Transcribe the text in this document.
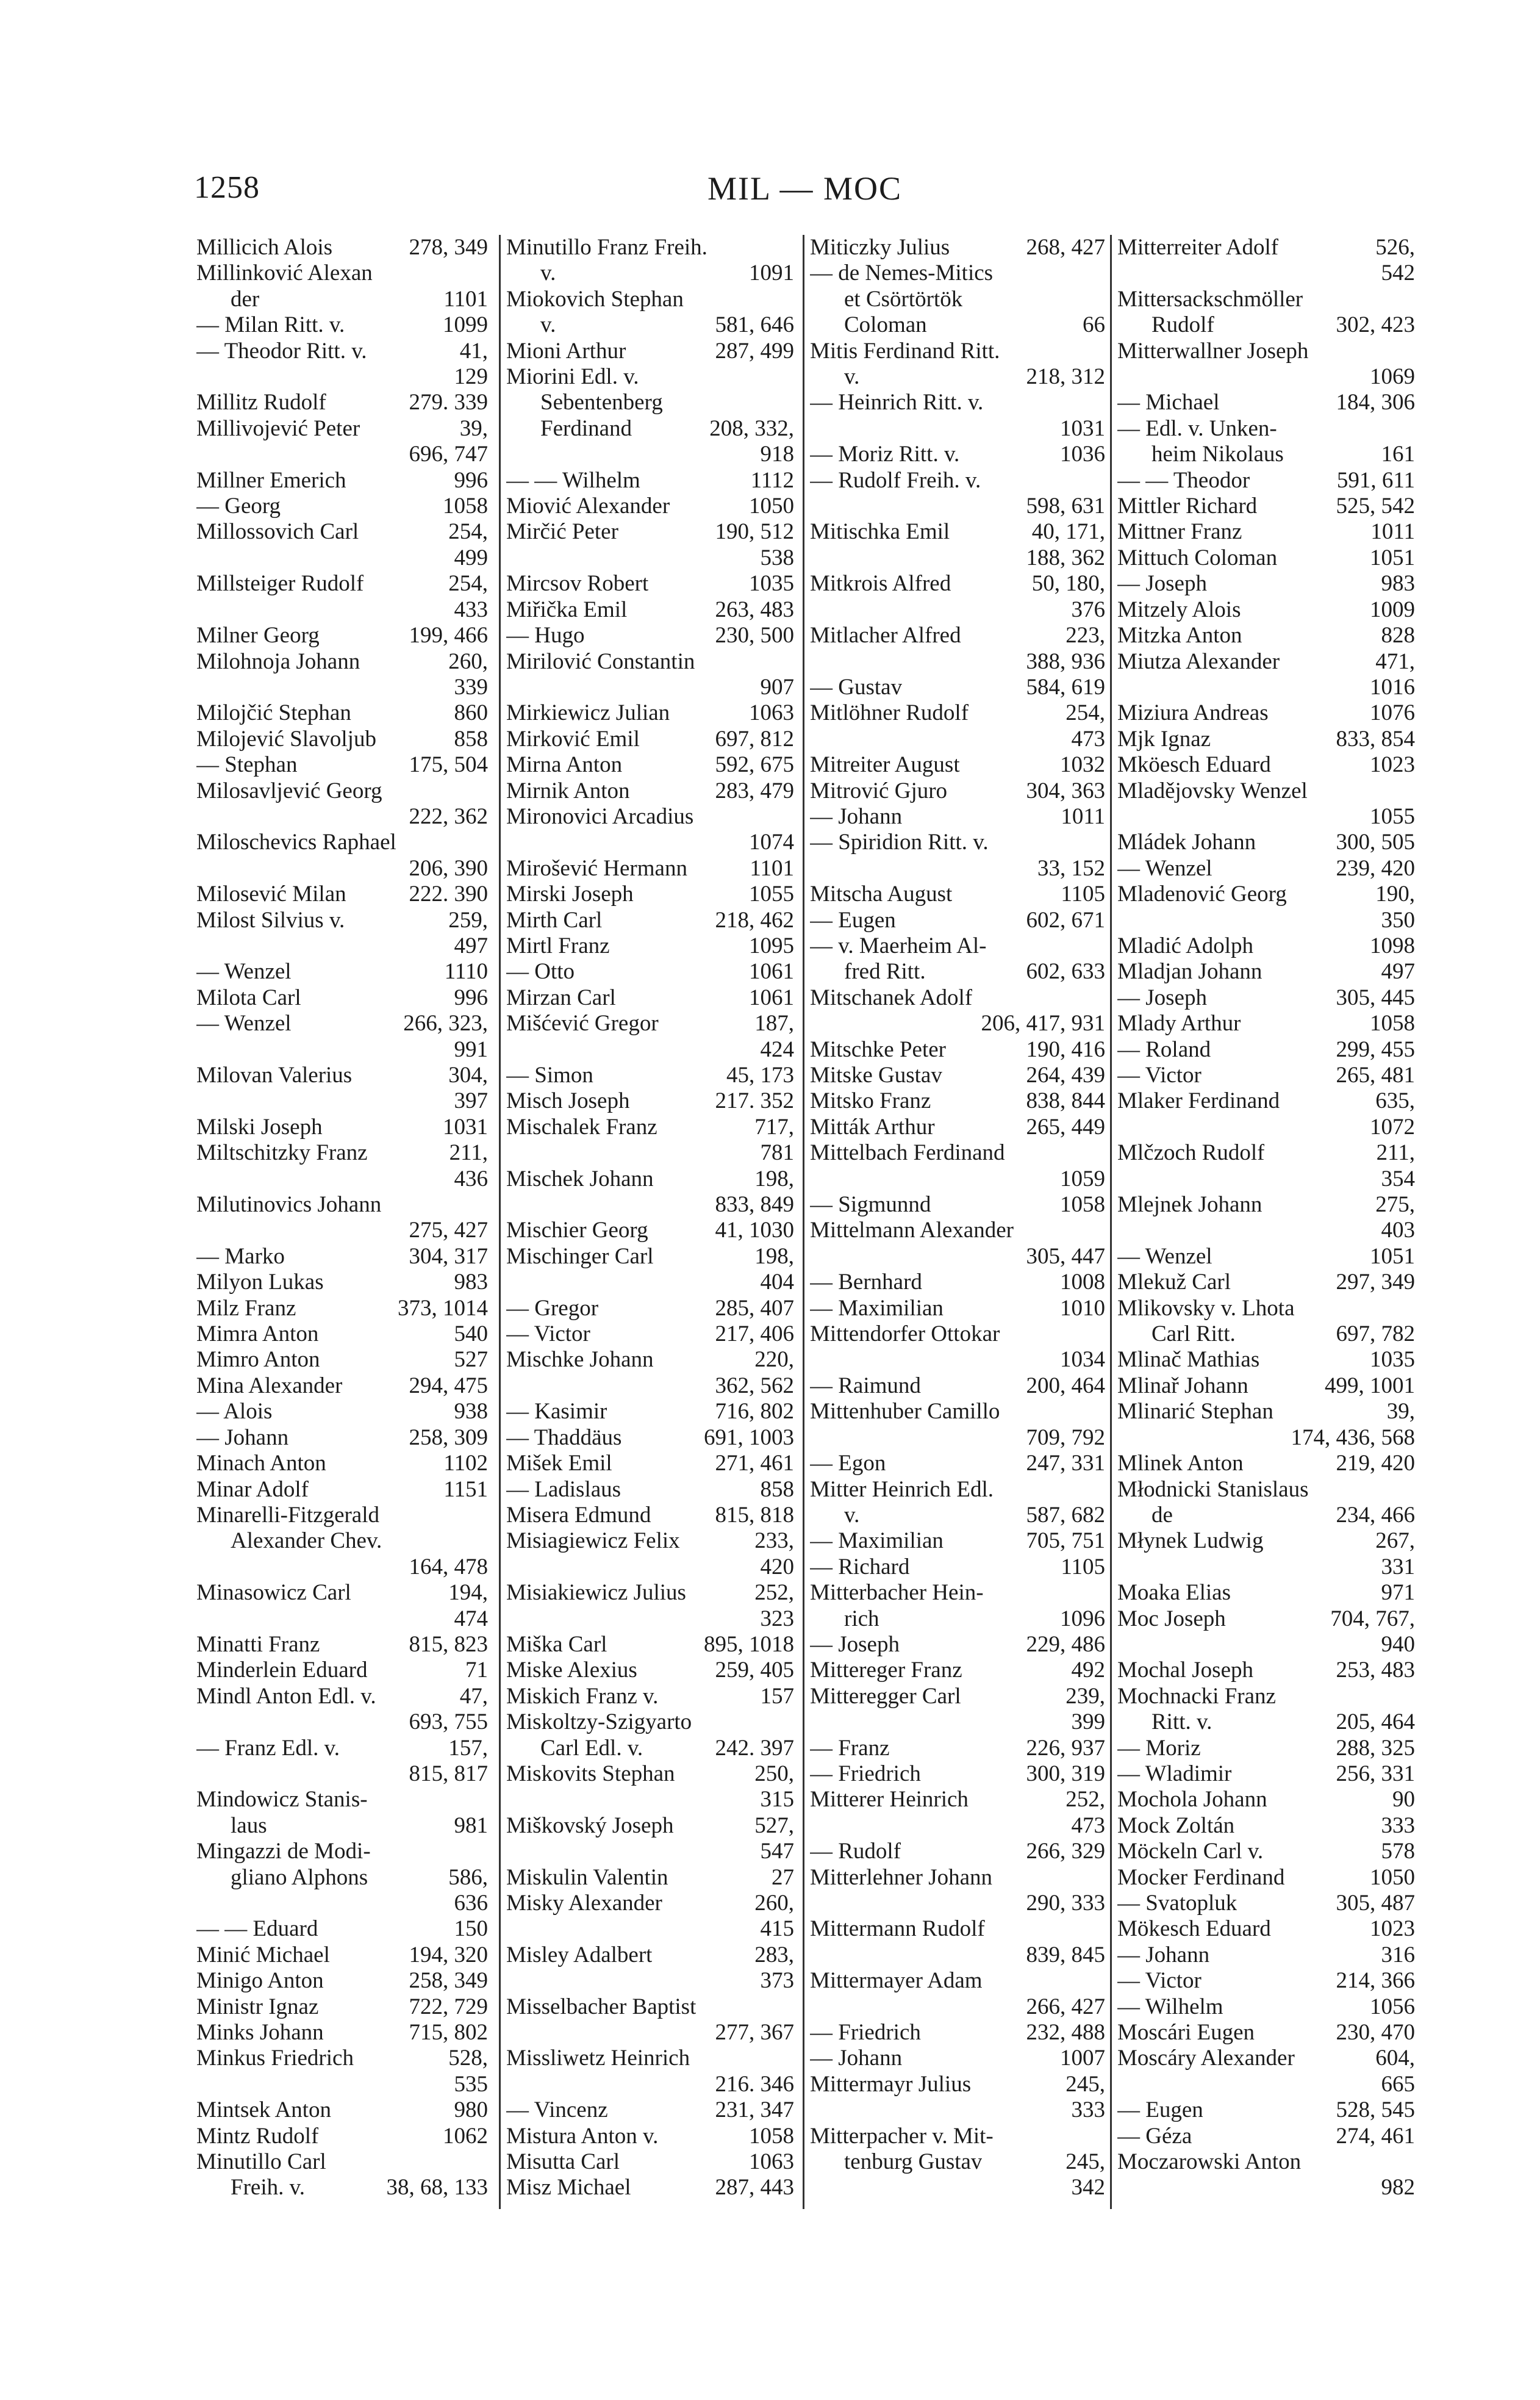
1258	MIL — MOC
Millicich Alois	278, 349
Millinković Alexan
der	1101
— Milan Ritt. v.	1099
— Theodor Ritt. v.	41,
129
Millitz Rudolf	279. 339
Millivojević Peter	39,
696, 747
Millner Emerich	996
— Georg	1058
Millossovich Carl	254,
499
Millsteiger Rudolf	254,
433
Milner Georg	199, 466
Milohnoja Johann	260,
339
Milojčić Stephan	860
Milojević Slavoljub	858
— Stephan	175, 504
Milosavljević Georg
222, 362
Miloschevics Raphael
206, 390
Milosević Milan	222. 390
Milost Silvius v.	259,
497
— Wenzel	1110
Milota Carl	996
— Wenzel	266, 323,
991
Milovan Valerius	304,
397
Milski Joseph	1031
Miltschitzky Franz	211,
436
Milutinovics Johann
275, 427
— Marko	304, 317
Milyon Lukas	983
Milz Franz	373, 1014
Mimra Anton	540
Mimro Anton	527
Mina Alexander	294, 475
— Alois	938
— Johann	258, 309
Minach Anton	1102
Minar Adolf	1151
Minarelli-Fitzgerald
Alexander Chev.
164, 478
Minasowicz Carl	194,
474
Minatti Franz	815, 823
Minderlein Eduard	71
Mindl Anton Edl. v.	47,
693, 755
— Franz Edl. v.	157,
815, 817
Mindowicz Stanis-
laus	981
Mingazzi de Modi-
gliano Alphons	586,
636
— — Eduard	150
Minić Michael	194, 320
Minigo Anton	258, 349
Ministr Ignaz	722, 729
Minks Johann	715, 802
Minkus Friedrich	528,
535
Mintsek Anton	980
Mintz Rudolf	1062
Minutillo Carl
Freih. v.	38, 68, 133
Minutillo Franz Freih.
v.	1091
Miokovich Stephan
v.	581, 646
Mioni Arthur	287, 499
Miorini Edl. v.
Sebentenberg
Ferdinand	208, 332,
918
— — Wilhelm	1112
Miović Alexander	1050
Mirčić Peter	190, 512
538
Mircsov Robert	1035
Miřička Emil	263, 483
— Hugo	230, 500
Mirilović Constantin
907
Mirkiewicz Julian	1063
Mirković Emil	697, 812
Mirna Anton	592, 675
Mirnik Anton	283, 479
Mironovici Arcadius
1074
Mirošević Hermann	1101
Mirski Joseph	1055
Mirth Carl	218, 462
Mirtl Franz	1095
— Otto	1061
Mirzan Carl	1061
Mišćević Gregor	187,
424
— Simon	45, 173
Misch Joseph	217. 352
Mischalek Franz	717,
781
Mischek Johann	198,
833, 849
Mischier Georg	41, 1030
Mischinger Carl	198,
404
— Gregor	285, 407
— Victor	217, 406
Mischke Johann	220,
362, 562
— Kasimir	716, 802
— Thaddäus	691, 1003
Mišek Emil	271, 461
— Ladislaus	858
Misera Edmund	815, 818
Misiagiewicz Felix	233,
420
Misiakiewicz Julius	252,
323
Miška Carl	895, 1018
Miske Alexius	259, 405
Miskich Franz v.	157
Miskoltzy-Szigyarto
Carl Edl. v.	242. 397
Miskovits Stephan	250,
315
Miškovský Joseph	527,
547
Miskulin Valentin	27
Misky Alexander	260,
415
Misley Adalbert	283,
373
Misselbacher Baptist
277, 367
Missliwetz Heinrich
216. 346
— Vincenz	231, 347
Mistura Anton v.	1058
Misutta Carl	1063
Misz Michael	287, 443
Miticzky Julius	268, 427
— de Nemes-Mitics
et Csörtörtök
Coloman	66
Mitis Ferdinand Ritt.
v.	218, 312
— Heinrich Ritt. v.
1031
— Moriz Ritt. v.	1036
— Rudolf Freih. v.
598, 631
Mitischka Emil	40, 171,
188, 362
Mitkrois Alfred	50, 180,
376
Mitlacher Alfred	223,
388, 936
— Gustav	584, 619
Mitlöhner Rudolf	254,
473
Mitreiter August	1032
Mitrović Gjuro	304, 363
— Johann	1011
— Spiridion Ritt. v.
33, 152
Mitscha August	1105
— Eugen	602, 671
— v. Maerheim Al-
fred Ritt.	602, 633
Mitschanek Adolf
206, 417, 931
Mitschke Peter	190, 416
Mitske Gustav	264, 439
Mitsko Franz	838, 844
Mitták Arthur	265, 449
Mittelbach Ferdinand
1059
— Sigmunnd	1058
Mittelmann Alexander
305, 447
— Bernhard	1008
— Maximilian	1010
Mittendorfer Ottokar
1034
— Raimund	200, 464
Mittenhuber Camillo
709, 792
— Egon	247, 331
Mitter Heinrich Edl.
v.	587, 682
— Maximilian	705, 751
— Richard	1105
Mitterbacher Hein-
rich	1096
— Joseph	229, 486
Mittereger Franz	492
Mitteregger Carl	239,
399
— Franz	226, 937
— Friedrich	300, 319
Mitterer Heinrich	252,
473
— Rudolf	266, 329
Mitterlehner Johann
290, 333
Mittermann Rudolf
839, 845
Mittermayer Adam
266, 427
— Friedrich	232, 488
— Johann	1007
Mittermayr Julius	245,
333
Mitterpacher v. Mit-
tenburg Gustav	245,
342
Mitterreiter Adolf	526,
542
Mittersackschmöller
Rudolf	302, 423
Mitterwallner Joseph
1069
— Michael	184, 306
— Edl. v. Unken-
heim Nikolaus	161
— — Theodor	591, 611
Mittler Richard	525, 542
Mittner Franz	1011
Mittuch Coloman	1051
— Joseph	983
Mitzely Alois	1009
Mitzka Anton	828
Miutza Alexander	471,
1016
Miziura Andreas	1076
Mjk Ignaz	833, 854
Mköesch Eduard	1023
Mladějovsky Wenzel
1055
Mládek Johann	300, 505
— Wenzel	239, 420
Mladenović Georg	190,
350
Mladić Adolph	1098
Mladjan Johann	497
— Joseph	305, 445
Mlady Arthur	1058
— Roland	299, 455
— Victor	265, 481
Mlaker Ferdinand	635,
1072
Mlčzoch Rudolf	211,
354
Mlejnek Johann	275,
403
— Wenzel	1051
Mlekuž Carl	297, 349
Mlikovsky v. Lhota
Carl Ritt.	697, 782
Mlinač Mathias	1035
Mlinař Johann	499, 1001
Mlinarić Stephan	39,
174, 436, 568
Mlinek Anton	219, 420
Młodnicki Stanislaus
de	234, 466
Młynek Ludwig	267,
331
Moaka Elias	971
Moc Joseph	704, 767,
940
Mochal Joseph	253, 483
Mochnacki Franz
Ritt. v.	205, 464
— Moriz	288, 325
— Wladimir	256, 331
Mochola Johann	90
Mock Zoltán	333
Möckeln Carl v.	578
Mocker Ferdinand	1050
— Svatopluk	305, 487
Mökesch Eduard	1023
— Johann	316
— Victor	214, 366
— Wilhelm	1056
Moscári Eugen	230, 470
Moscáry Alexander	604,
665
— Eugen	528, 545
— Géza	274, 461
Moczarowski Anton
982
